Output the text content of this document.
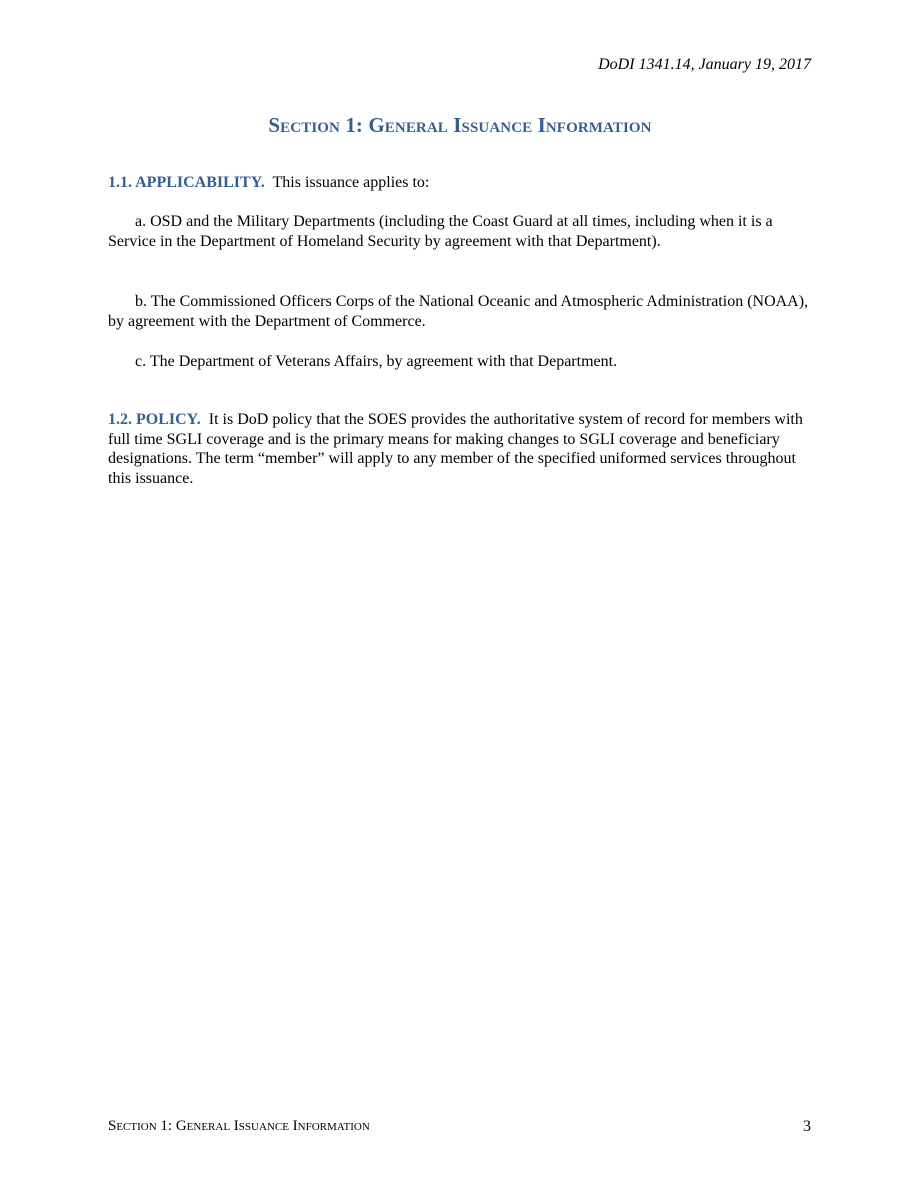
DoDI 1341.14, January 19, 2017
Section 1: General Issuance Information
1.1. APPLICABILITY. This issuance applies to:
a. OSD and the Military Departments (including the Coast Guard at all times, including when it is a Service in the Department of Homeland Security by agreement with that Department).
b. The Commissioned Officers Corps of the National Oceanic and Atmospheric Administration (NOAA), by agreement with the Department of Commerce.
c. The Department of Veterans Affairs, by agreement with that Department.
1.2. POLICY. It is DoD policy that the SOES provides the authoritative system of record for members with full time SGLI coverage and is the primary means for making changes to SGLI coverage and beneficiary designations. The term “member” will apply to any member of the specified uniformed services throughout this issuance.
Section 1: General Issuance Information	3
